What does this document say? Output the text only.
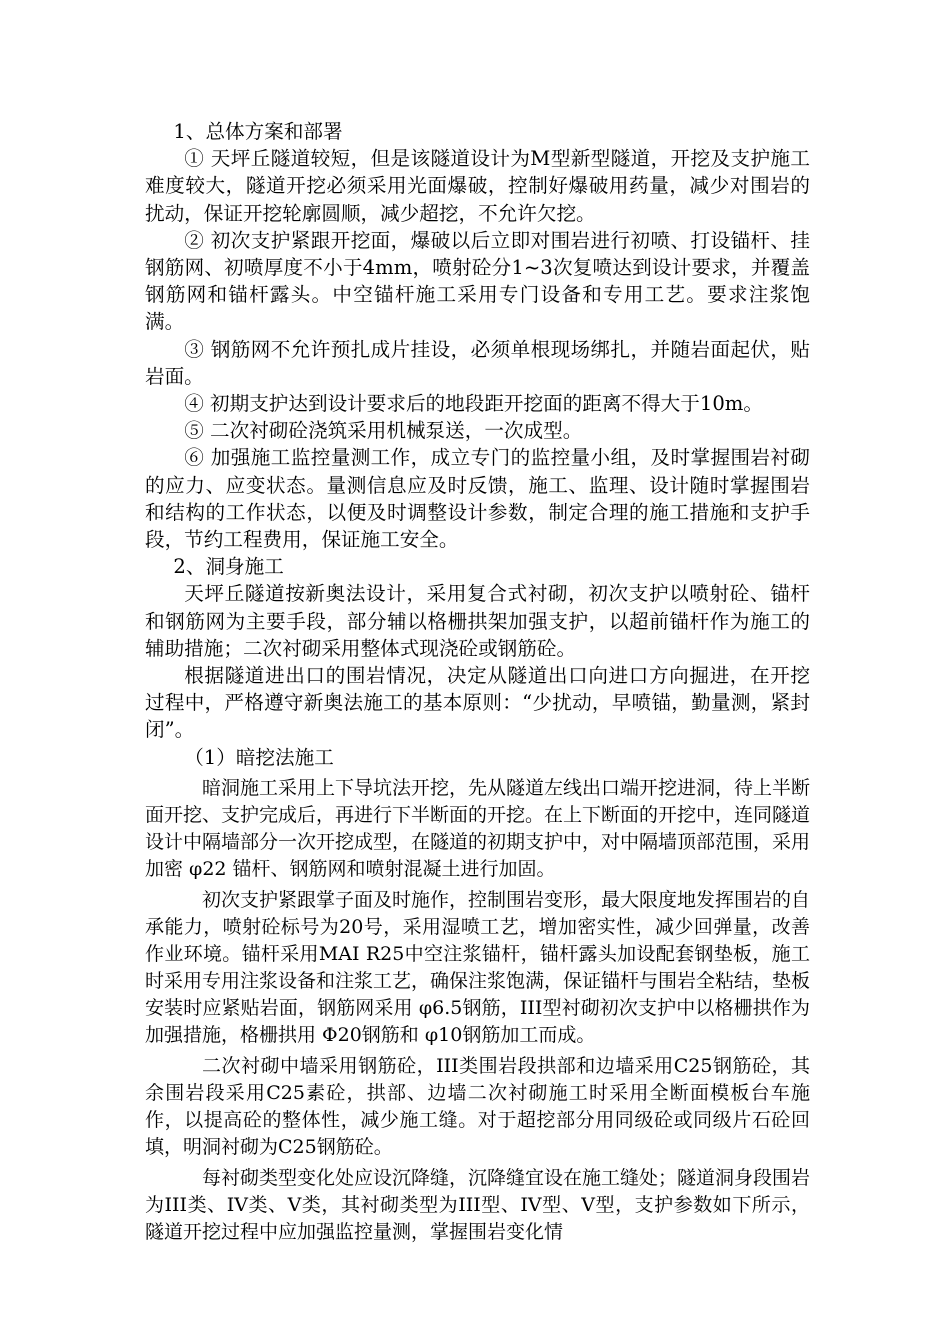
1、总体方案和部署

① 天坪丘隧道较短，但是该隧道设计为M型新型隧道，开挖及支护施工难度较大，隧道开挖必须采用光面爆破，控制好爆破用药量，减少对围岩的扰动，保证开挖轮廓圆顺，减少超挖，不允许欠挖。

② 初次支护紧跟开挖面，爆破以后立即对围岩进行初喷、打设锚杆、挂钢筋网、初喷厚度不小于4mm，喷射砼分1~3次复喷达到设计要求，并覆盖钢筋网和锚杆露头。中空锚杆施工采用专门设备和专用工艺。要求注浆饱满。

③ 钢筋网不允许预扎成片挂设，必须单根现场绑扎，并随岩面起伏，贴岩面。

④ 初期支护达到设计要求后的地段距开挖面的距离不得大于10m。

⑤ 二次衬砌砼浇筑采用机械泵送，一次成型。

⑥ 加强施工监控量测工作，成立专门的监控量小组，及时掌握围岩衬砌的应力、应变状态。量测信息应及时反馈，施工、监理、设计随时掌握围岩和结构的工作状态，以便及时调整设计参数，制定合理的施工措施和支护手段，节约工程费用，保证施工安全。

2、洞身施工

天坪丘隧道按新奥法设计，采用复合式衬砌，初次支护以喷射砼、锚杆和钢筋网为主要手段，部分辅以格栅拱架加强支护，以超前锚杆作为施工的辅助措施；二次衬砌采用整体式现浇砼或钢筋砼。

根据隧道进出口的围岩情况，决定从隧道出口向进口方向掘进，在开挖过程中，严格遵守新奥法施工的基本原则：“少扰动，早喷锚，勤量测，紧封闭”。

（1）暗挖法施工

暗洞施工采用上下导坑法开挖，先从隧道左线出口端开挖进洞，待上半断面开挖、支护完成后，再进行下半断面的开挖。在上下断面的开挖中，连同隧道设计中隔墙部分一次开挖成型，在隧道的初期支护中，对中隔墙顶部范围，采用加密 φ22 锚杆、钢筋网和喷射混凝土进行加固。

初次支护紧跟掌子面及时施作，控制围岩变形，最大限度地发挥围岩的自承能力，喷射砼标号为20号，采用湿喷工艺，增加密实性，减少回弹量，改善作业环境。锚杆采用MAI R25中空注浆锚杆，锚杆露头加设配套钢垫板，施工时采用专用注浆设备和注浆工艺，确保注浆饱满，保证锚杆与围岩全粘结，垫板安装时应紧贴岩面，钢筋网采用 φ6.5钢筋，III型衬砌初次支护中以格栅拱作为加强措施，格栅拱用 Φ20钢筋和 φ10钢筋加工而成。

二次衬砌中墙采用钢筋砼，III类围岩段拱部和边墙采用C25钢筋砼，其余围岩段采用C25素砼，拱部、边墙二次衬砌施工时采用全断面模板台车施作，以提高砼的整体性，减少施工缝。对于超挖部分用同级砼或同级片石砼回填，明洞衬砌为C25钢筋砼。

每衬砌类型变化处应设沉降缝，沉降缝宜设在施工缝处；隧道洞身段围岩为III类、IV类、V类，其衬砌类型为III型、IV型、V型，支护参数如下所示，隧道开挖过程中应加强监控量测，掌握围岩变化情
